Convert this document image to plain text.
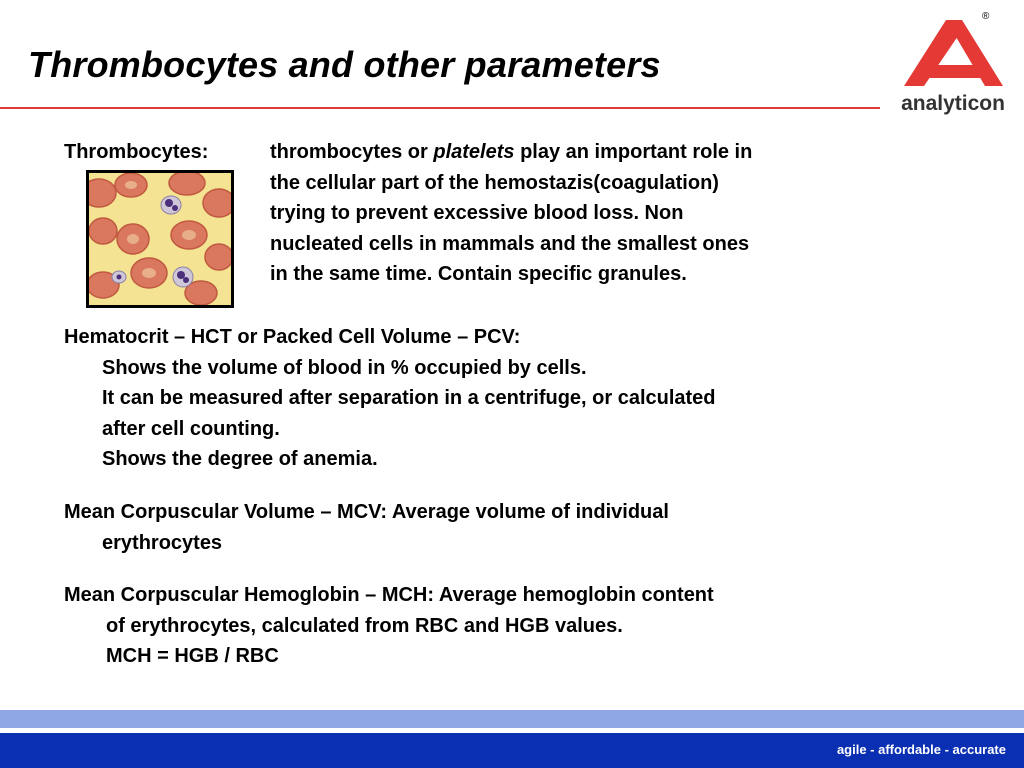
Thrombocytes and other parameters
analyticon
®
Thrombocytes:	thrombocytes or platelets play an important role in
the cellular part of the hemostazis(coagulation)
trying to prevent excessive blood loss. Non
nucleated cells in mammals and the smallest ones
in the same time. Contain specific granules.
Hematocrit – HCT or Packed Cell Volume – PCV:
Shows the volume of blood in % occupied by cells.
It can be measured after separation in a centrifuge, or calculated
after cell counting.
Shows the degree of anemia.
Mean Corpuscular Volume – MCV: Average volume of individual
erythrocytes
Mean Corpuscular Hemoglobin – MCH: Average hemoglobin content
of erythrocytes, calculated from RBC and HGB values.
MCH = HGB / RBC
agile - affordable - accurate
